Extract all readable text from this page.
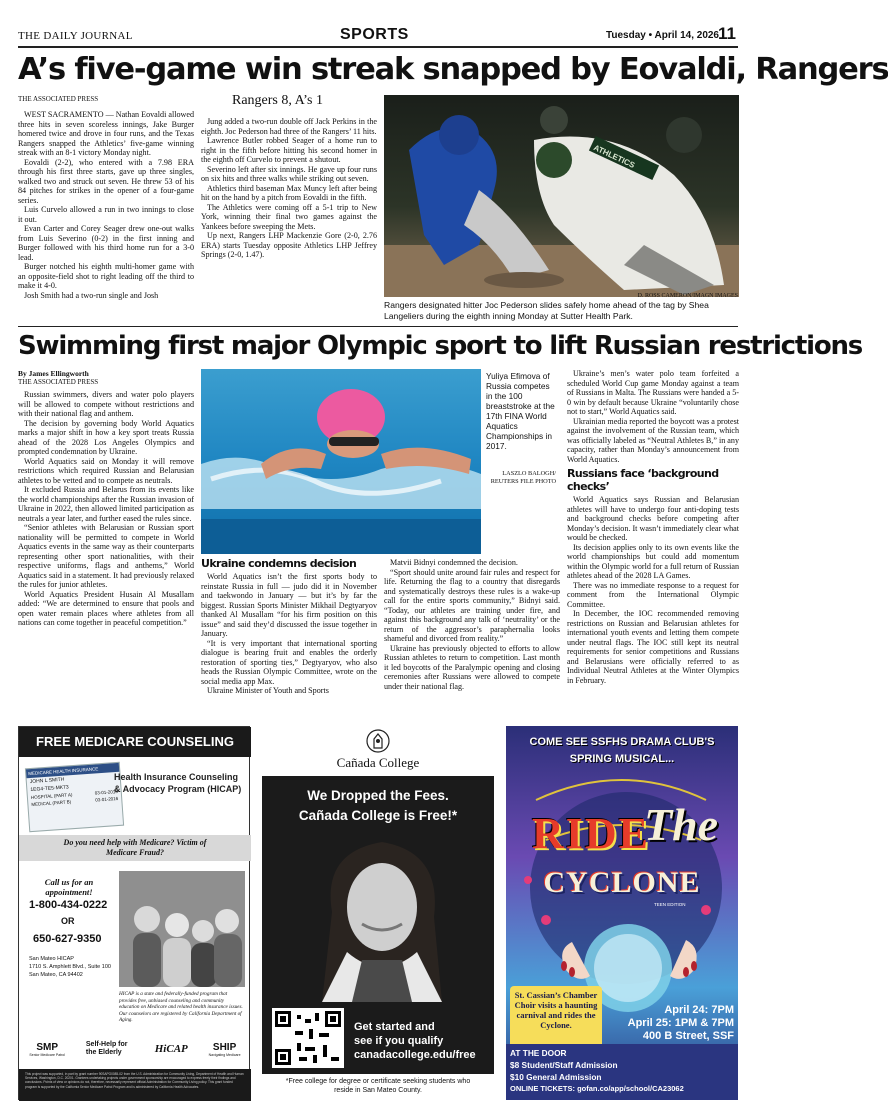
THE DAILY JOURNAL	SPORTS	Tuesday • April 14, 2026 11
A’s five-game win streak snapped by Eovaldi, Rangers
THE ASSOCIATED PRESS	Rangers 8, A’s 1

WEST SACRAMENTO — Nathan Eovaldi allowed three hits in seven scoreless innings, Jake Burger homered twice and drove in four runs, and the Texas Rangers snapped the Athletics’ five-game winning streak with an 8-1 victory Monday night.

Eovaldi (2-2), who entered with a 7.98 ERA through his first three starts, gave up three singles, walked two and struck out seven. He threw 53 of his 84 pitches for strikes in the opener of a four-game series.

Luis Curvelo allowed a run in two innings to close it out.

Evan Carter and Corey Seager drew one-out walks from Luis Severino (0-2) in the first inning and Burger followed with his third home run for a 3-0 lead.

Burger notched his eighth multi-homer game with an opposite-field shot to right leading off the third to make it 4-0.

Josh Smith had a two-run single and Josh

Jung added a two-run double off Jack Perkins in the eighth. Joc Pederson had three of the Rangers’ 11 hits.

Lawrence Butler robbed Seager of a home run to right in the fifth before hitting his second homer in the eighth off Curvelo to prevent a shutout.

Severino left after six innings. He gave up four runs on six hits and three walks while striking out seven.

Athletics third baseman Max Muncy left after being hit on the hand by a pitch from Eovaldi in the fifth.

The Athletics were coming off a 5-1 trip to New York, winning their final two games against the Yankees before sweeping the Mets.

Up next, Rangers LHP Mackenzie Gore (2-0, 2.76 ERA) starts Tuesday opposite Athletics LHP Jeffrey Springs (2-0, 1.47).

ATHLETICS
D. ROSS CAMERON/IMAGN IMAGES
Rangers designated hitter Joc Pederson slides safely home ahead of the tag by Shea Langeliers during the eighth inning Monday at Sutter Health Park.
Swimming first major Olympic sport to lift Russian restrictions
By James Ellingworth
THE ASSOCIATED PRESS

Russian swimmers, divers and water polo players will be allowed to compete without restrictions and with their national flag and anthem.

The decision by governing body World Aquatics marks a major shift in how a key sport treats Russia ahead of the 2028 Los Angeles Olympics and prompted condemnation by Ukraine.

World Aquatics said on Monday it will remove restrictions which required Russian and Belarusian athletes to be vetted and to compete as neutrals.

It excluded Russia and Belarus from its events like the world championships after the Russian invasion of Ukraine in 2022, then allowed limited participation as neutrals a year later, and further eased the rules since.

“Senior athletes with Belarusian or Russian sport nationality will be permitted to compete in World Aquatics events in the same way as their counterparts representing other sport nationalities, with their respective uniforms, flags and anthems,” World Aquatics said in a statement. It had previously relaxed the rules for junior athletes.

World Aquatics President Husain Al Musallam added: “We are determined to ensure that pools and open water remain places where athletes from all nations can come together in peaceful competition.”

Yuliya Efimova of Russia competes in the 100 breaststroke at the 17th FINA World Aquatics Championships in 2017.
LASZLO BALOGH/ REUTERS FILE PHOTO
Ukraine condemns decision

World Aquatics isn’t the first sports body to reinstate Russia in full — judo did it in November and taekwondo in January — but it’s by far the biggest. Russian Sports Minister Mikhail Degtyaryov thanked Al Musallam “for his firm position on this issue” and said they’d discussed the issue together in January.

“It is very important that international sporting dialogue is bearing fruit and enables the orderly restoration of sporting ties,” Degtyaryov, who also heads the Russian Olympic Committee, wrote on the social media app Max.

Ukraine Minister of Youth and Sports

Matvii Bidnyi condemned the decision.

“Sport should unite around fair rules and respect for life. Returning the flag to a country that disregards and systematically destroys these rules is a wake-up call for the entire sports community,” Bidnyi said. “Today, our athletes are training under fire, and against this background any talk of ‘neutrality’ or the return of the aggressor’s paraphernalia looks shameful and divorced from reality.”

Ukraine has previously objected to efforts to allow Russian athletes to return to competition. Last month it led boycotts of the Paralympic opening and closing ceremonies after Russians were allowed to compete under their national flag.

Ukraine’s men’s water polo team forfeited a scheduled World Cup game Monday against a team of Russians in Malta. The Russians were handed a 5-0 win by default because Ukraine “voluntarily chose not to start,” World Aquatics said.

Ukrainian media reported the boycott was a protest against the involvement of the Russian team, which was officially labeled as “Neutral Athletes B,” in any capacity, rather than Monday’s announcement from World Aquatics.

Russians face ‘background checks’

World Aquatics says Russian and Belarusian athletes will have to undergo four anti-doping tests and background checks before competing after Monday’s decision. It wasn’t immediately clear what would be checked.

Its decision applies only to its own events like the world championships but could add momentum within the Olympic world for a full return of Russian athletes ahead of the 2028 LA Games.

There was no immediate response to a request for comment from the International Olympic Committee.

In December, the IOC recommended removing restrictions on Russian and Belarusian athletes for international youth events and letting them compete under neutral flags. The IOC still kept its neutral requirements for senior competitions and Russians and Belarusians were officially referred to as Individual Neutral Athletes at the Winter Olympics in February.

FREE MEDICARE COUNSELING
MEDICARE HEALTH INSURANCE
JOHN L SMITH
1EG4-TE5-MK73
HOSPITAL (PART A)	03-01-2016
MEDICAL (PART B)	03-01-2016
Health Insurance Counseling & Advocacy Program (HICAP)
Do you need help with Medicare? Victim of Medicare Fraud?
Call us for an appointment!
1-800-434-0222
OR
650-627-9350
San Mateo HICAP
1710 S. Amphlett Blvd., Suite 100
San Mateo, CA 94402
HICAP is a state and federally-funded program that provides free, unbiased counseling and community education on Medicare and related health insurance issues. Our counselors are registered by California Department of Aging.
SMP
Senior Medicare Patrol
Self-Help for the Elderly	HiCAP	SHIP
Navigating Medicare
This project was supported, in part by grant number 90SAPG0085-02 from the U.S. Administration for Community Living, Department of Health and Human Services, Washington, D.C. 20201. Grantees undertaking projects under government sponsorship are encouraged to express freely their findings and conclusions. Points of view or opinions do not, therefore, necessarily represent official Administration for Community Living policy. This grant funded program is supported by the California Senior Medicare Patrol Program and is administered by California Health Advocates.
Cañada College
We Dropped the Fees.
Cañada College is Free!*
Get started and
see if you qualify
canadacollege.edu/free
*Free college for degree or certificate seeking students who reside in San Mateo County.
COME SEE SSFHS DRAMA CLUB'S
SPRING MUSICAL...
RIDE
The
CYCLONE
TEEN EDITION
St. Cassian’s Chamber Choir visits a haunting carnival and rides the Cyclone.
April 24: 7PM
April 25: 1PM & 7PM
400 B Street, SSF
AT THE DOOR
$8 Student/Staff Admission
$10 General Admission
ONLINE TICKETS: gofan.co/app/school/CA23062
